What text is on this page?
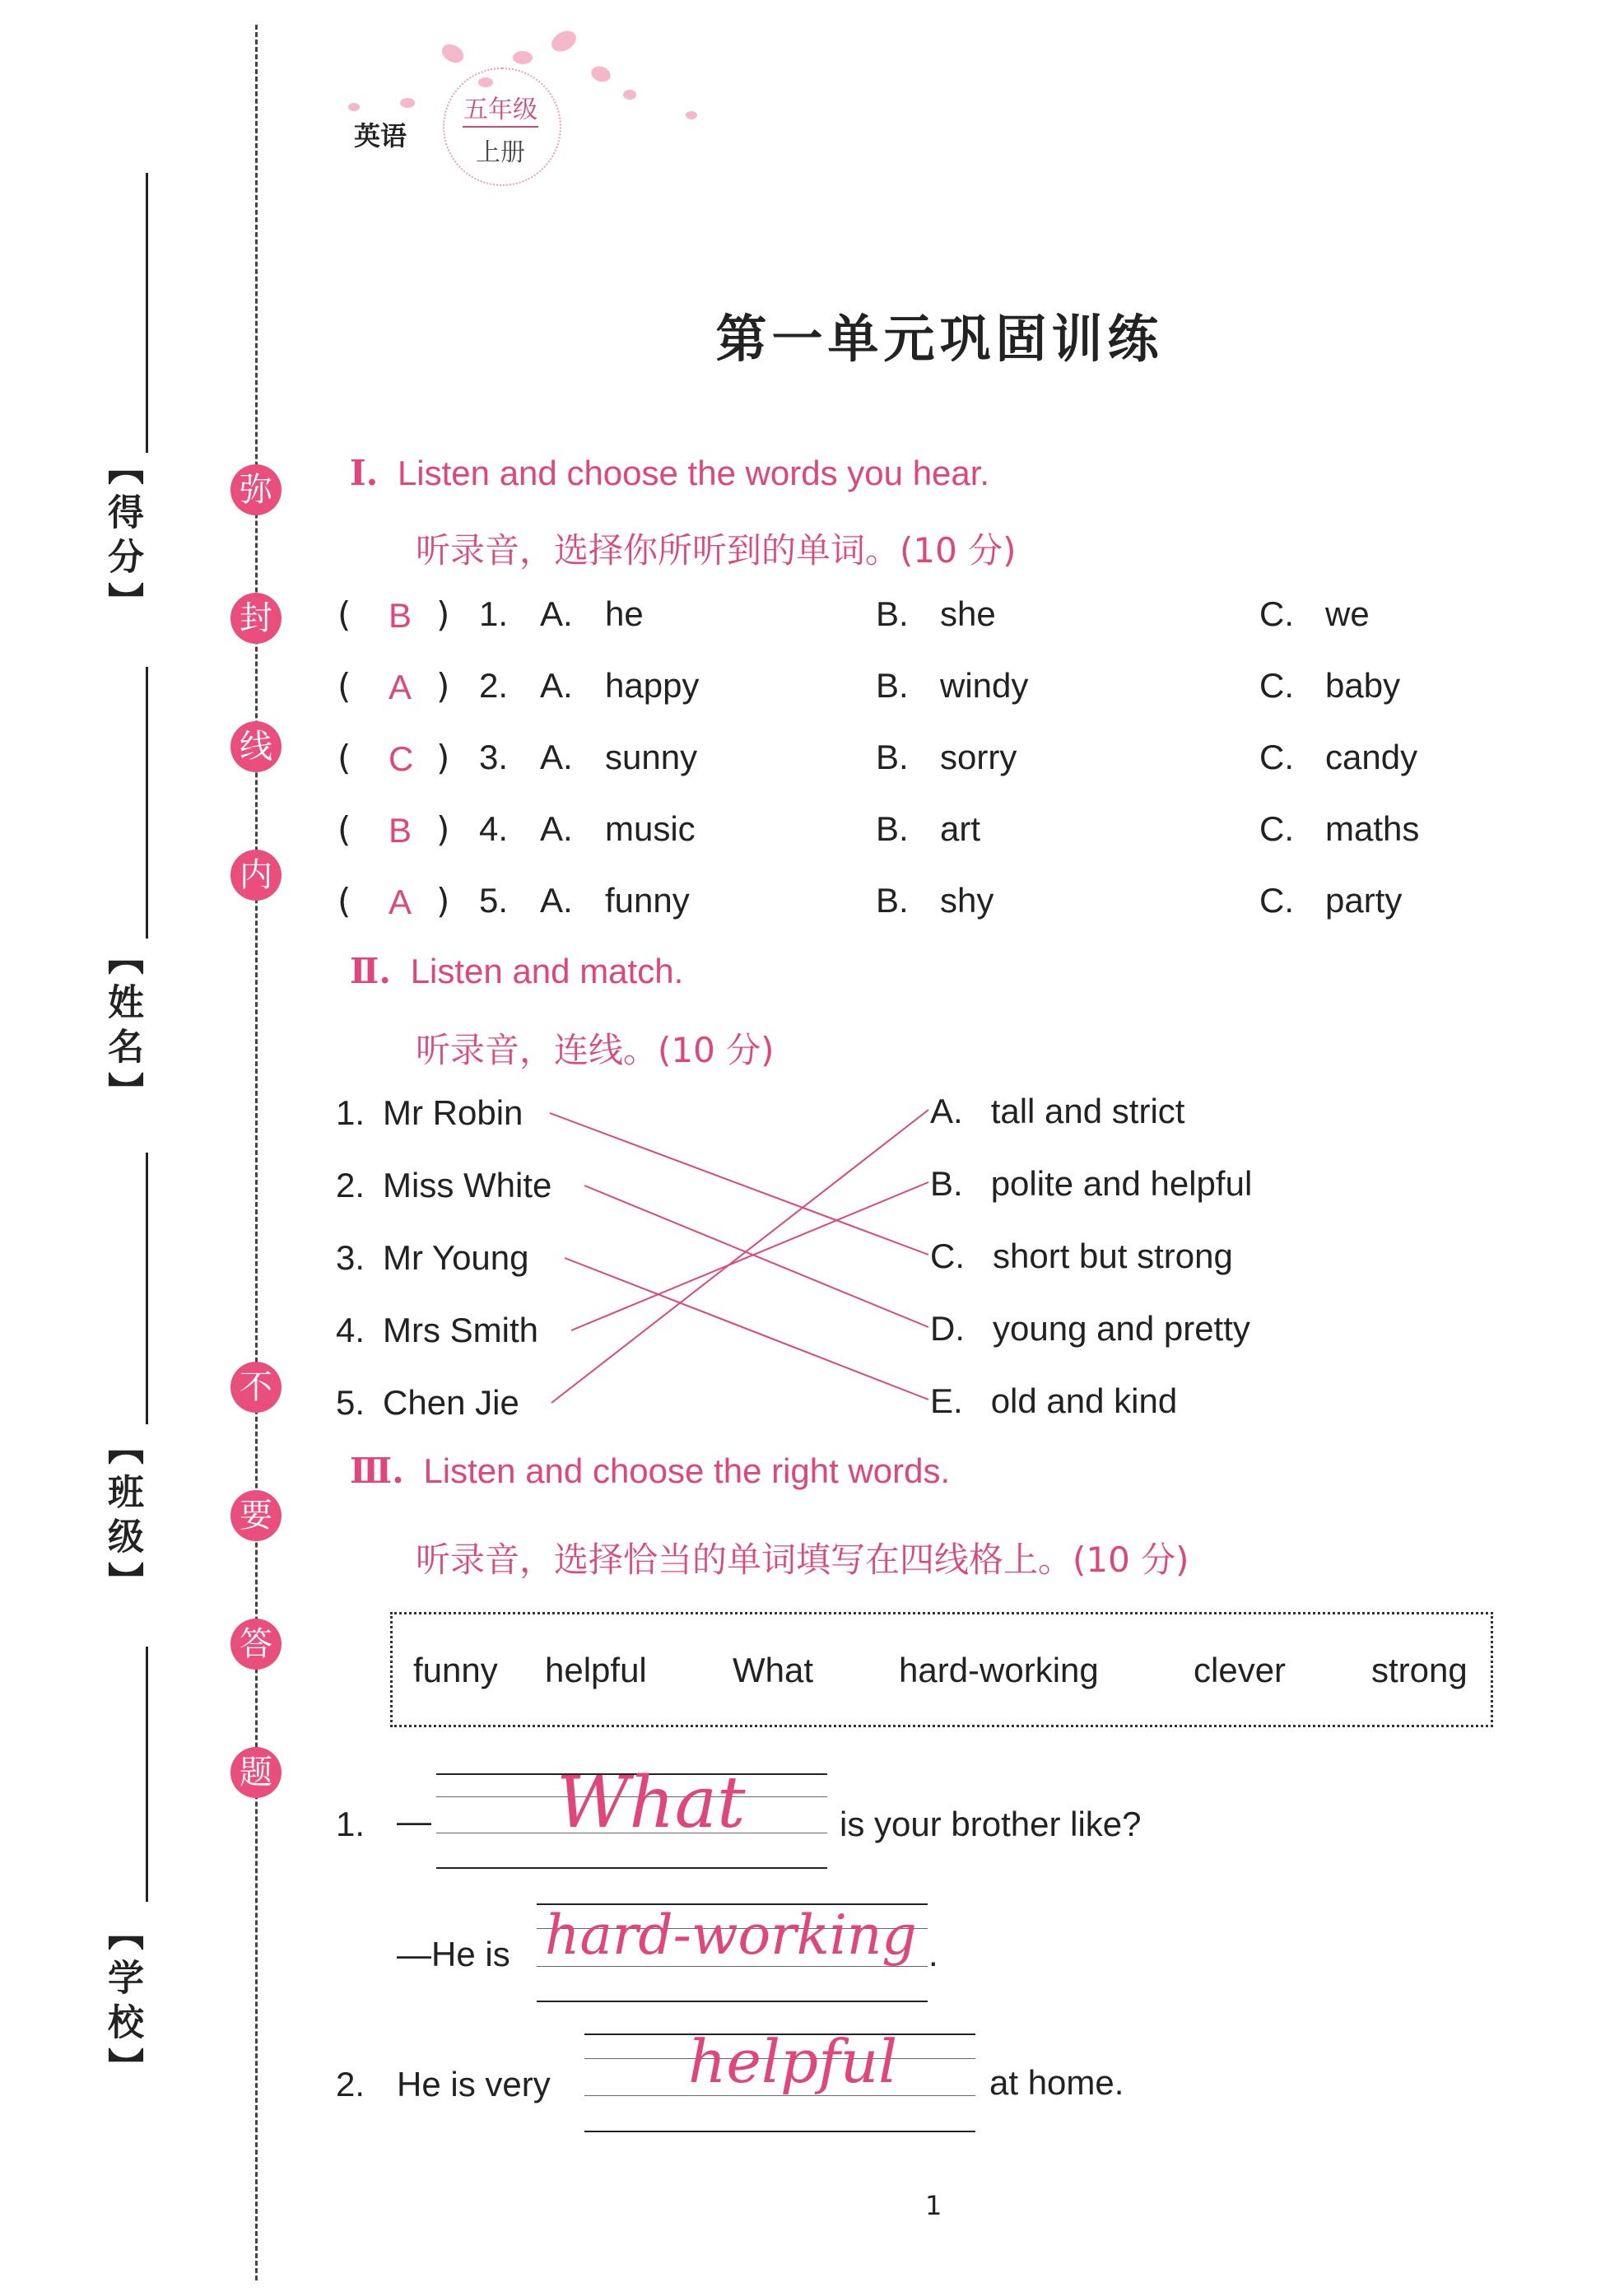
弥
封
线
内
不
要
答
题
【得分】
【姓名】
【班级】
【学校】
英语
五年级
上册
第一单元巩固训练
Ⅰ. Listen and choose the words you hear.
听录音，选择你所听到的单词。(10 分)
( B ) 1. A. he	B. she	C. we
( A ) 2. A. happy	B. windy	C. baby
( C ) 3. A. sunny	B. sorry	C. candy
( B ) 4. A. music	B. art	C. maths
( A ) 5. A. funny	B. shy	C. party
Ⅱ. Listen and match.
听录音，连线。(10 分)
1. Mr Robin
2. Miss White
3. Mr Young
4. Mrs Smith
5. Chen Jie
A. tall and strict
B. polite and helpful
C. short but strong
D. young and pretty
E. old and kind
Ⅲ. Listen and choose the right words.
听录音，选择恰当的单词填写在四线格上。(10 分)
funny helpful What hard-working	clever strong
1. — What	is your brother like?
—He is hard-working .
2. He is very helpful	at home.
1
